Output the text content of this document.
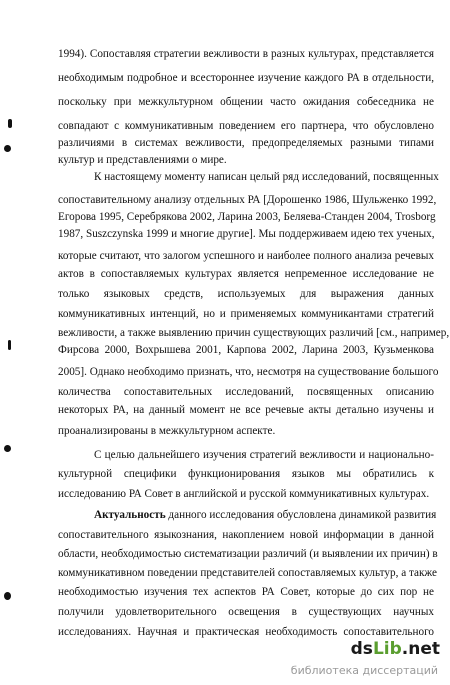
1994). Сопоставляя стратегии вежливости в разных культурах, представляется
необходимым подробное и всестороннее изучение каждого РА в отдельности,
поскольку при межкультурном общении часто ожидания собеседника не
совпадают с коммуникативным поведением его партнера, что обусловлено
различиями в системах вежливости, предопределяемых разными типами
культур и представлениями о мире.
К настоящему моменту написан целый ряд исследований, посвященных
сопоставительному анализу отдельных РА [Дорошенко 1986, Шульженко 1992,
Егорова 1995, Серебрякова 2002, Ларина 2003, Беляева-Станден 2004, Trosborg
1987, Suszczynska 1999 и многие другие]. Мы поддерживаем идею тех ученых,
которые считают, что залогом успешного и наиболее полного анализа речевых
актов в сопоставляемых культурах является непременное исследование не
только языковых средств, используемых для выражения данных
коммуникативных интенций, но и применяемых коммуникантами стратегий
вежливости, а также выявлению причин существующих различий [см., например,
Фирсова 2000, Вохрышева 2001, Карпова 2002, Ларина 2003, Кузьменкова
2005]. Однако необходимо признать, что, несмотря на существование большого
количества сопоставительных исследований, посвященных описанию
некоторых РА, на данный момент не все речевые акты детально изучены и
проанализированы в межкультурном аспекте.
С целью дальнейшего изучения стратегий вежливости и национально-
культурной специфики функционирования языков мы обратились к
исследованию РА Совет в английской и русской коммуникативных культурах.
Актуальность данного исследования обусловлена динамикой развития
сопоставительного языкознания, накоплением новой информации в данной
области, необходимостью систематизации различий (и выявлении их причин) в
коммуникативном поведении представителей сопоставляемых культур, а также
необходимостью изучения тех аспектов РА Совет, которые до сих пор не
получили удовлетворительного освещения в существующих научных
исследованиях. Научная и практическая необходимость сопоставительного
ds Lib .net
библиотека диссертаций
